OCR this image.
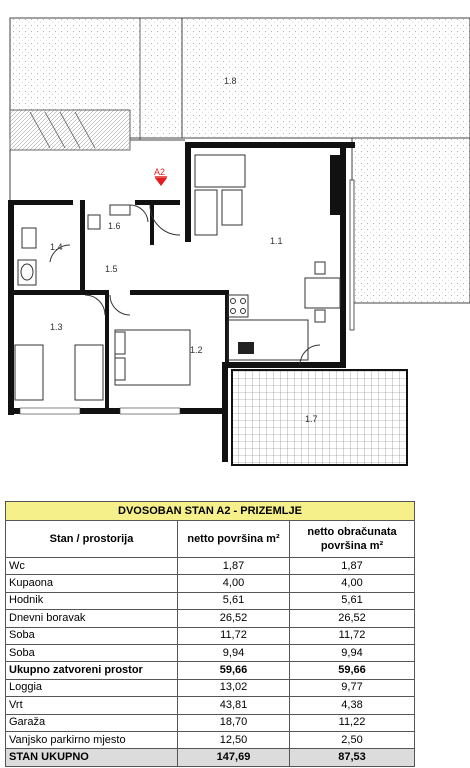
A2
1.1
1.2
1.3
1.4
1.5
1.6
1.7
1.8
DVOSOBAN STAN A2 - PRIZEMLJE		
Stan / prostorija	netto površina m²	netto obračunata površina m²
Wc	1,87	1,87
Kupaona	4,00	4,00
Hodnik	5,61	5,61
Dnevni boravak	26,52	26,52
Soba	11,72	11,72
Soba	9,94	9,94
Ukupno zatvoreni prostor	59,66	59,66
Loggia	13,02	9,77
Vrt	43,81	4,38
Garaža	18,70	11,22
Vanjsko parkirno mjesto	12,50	2,50
STAN UKUPNO	147,69	87,53
